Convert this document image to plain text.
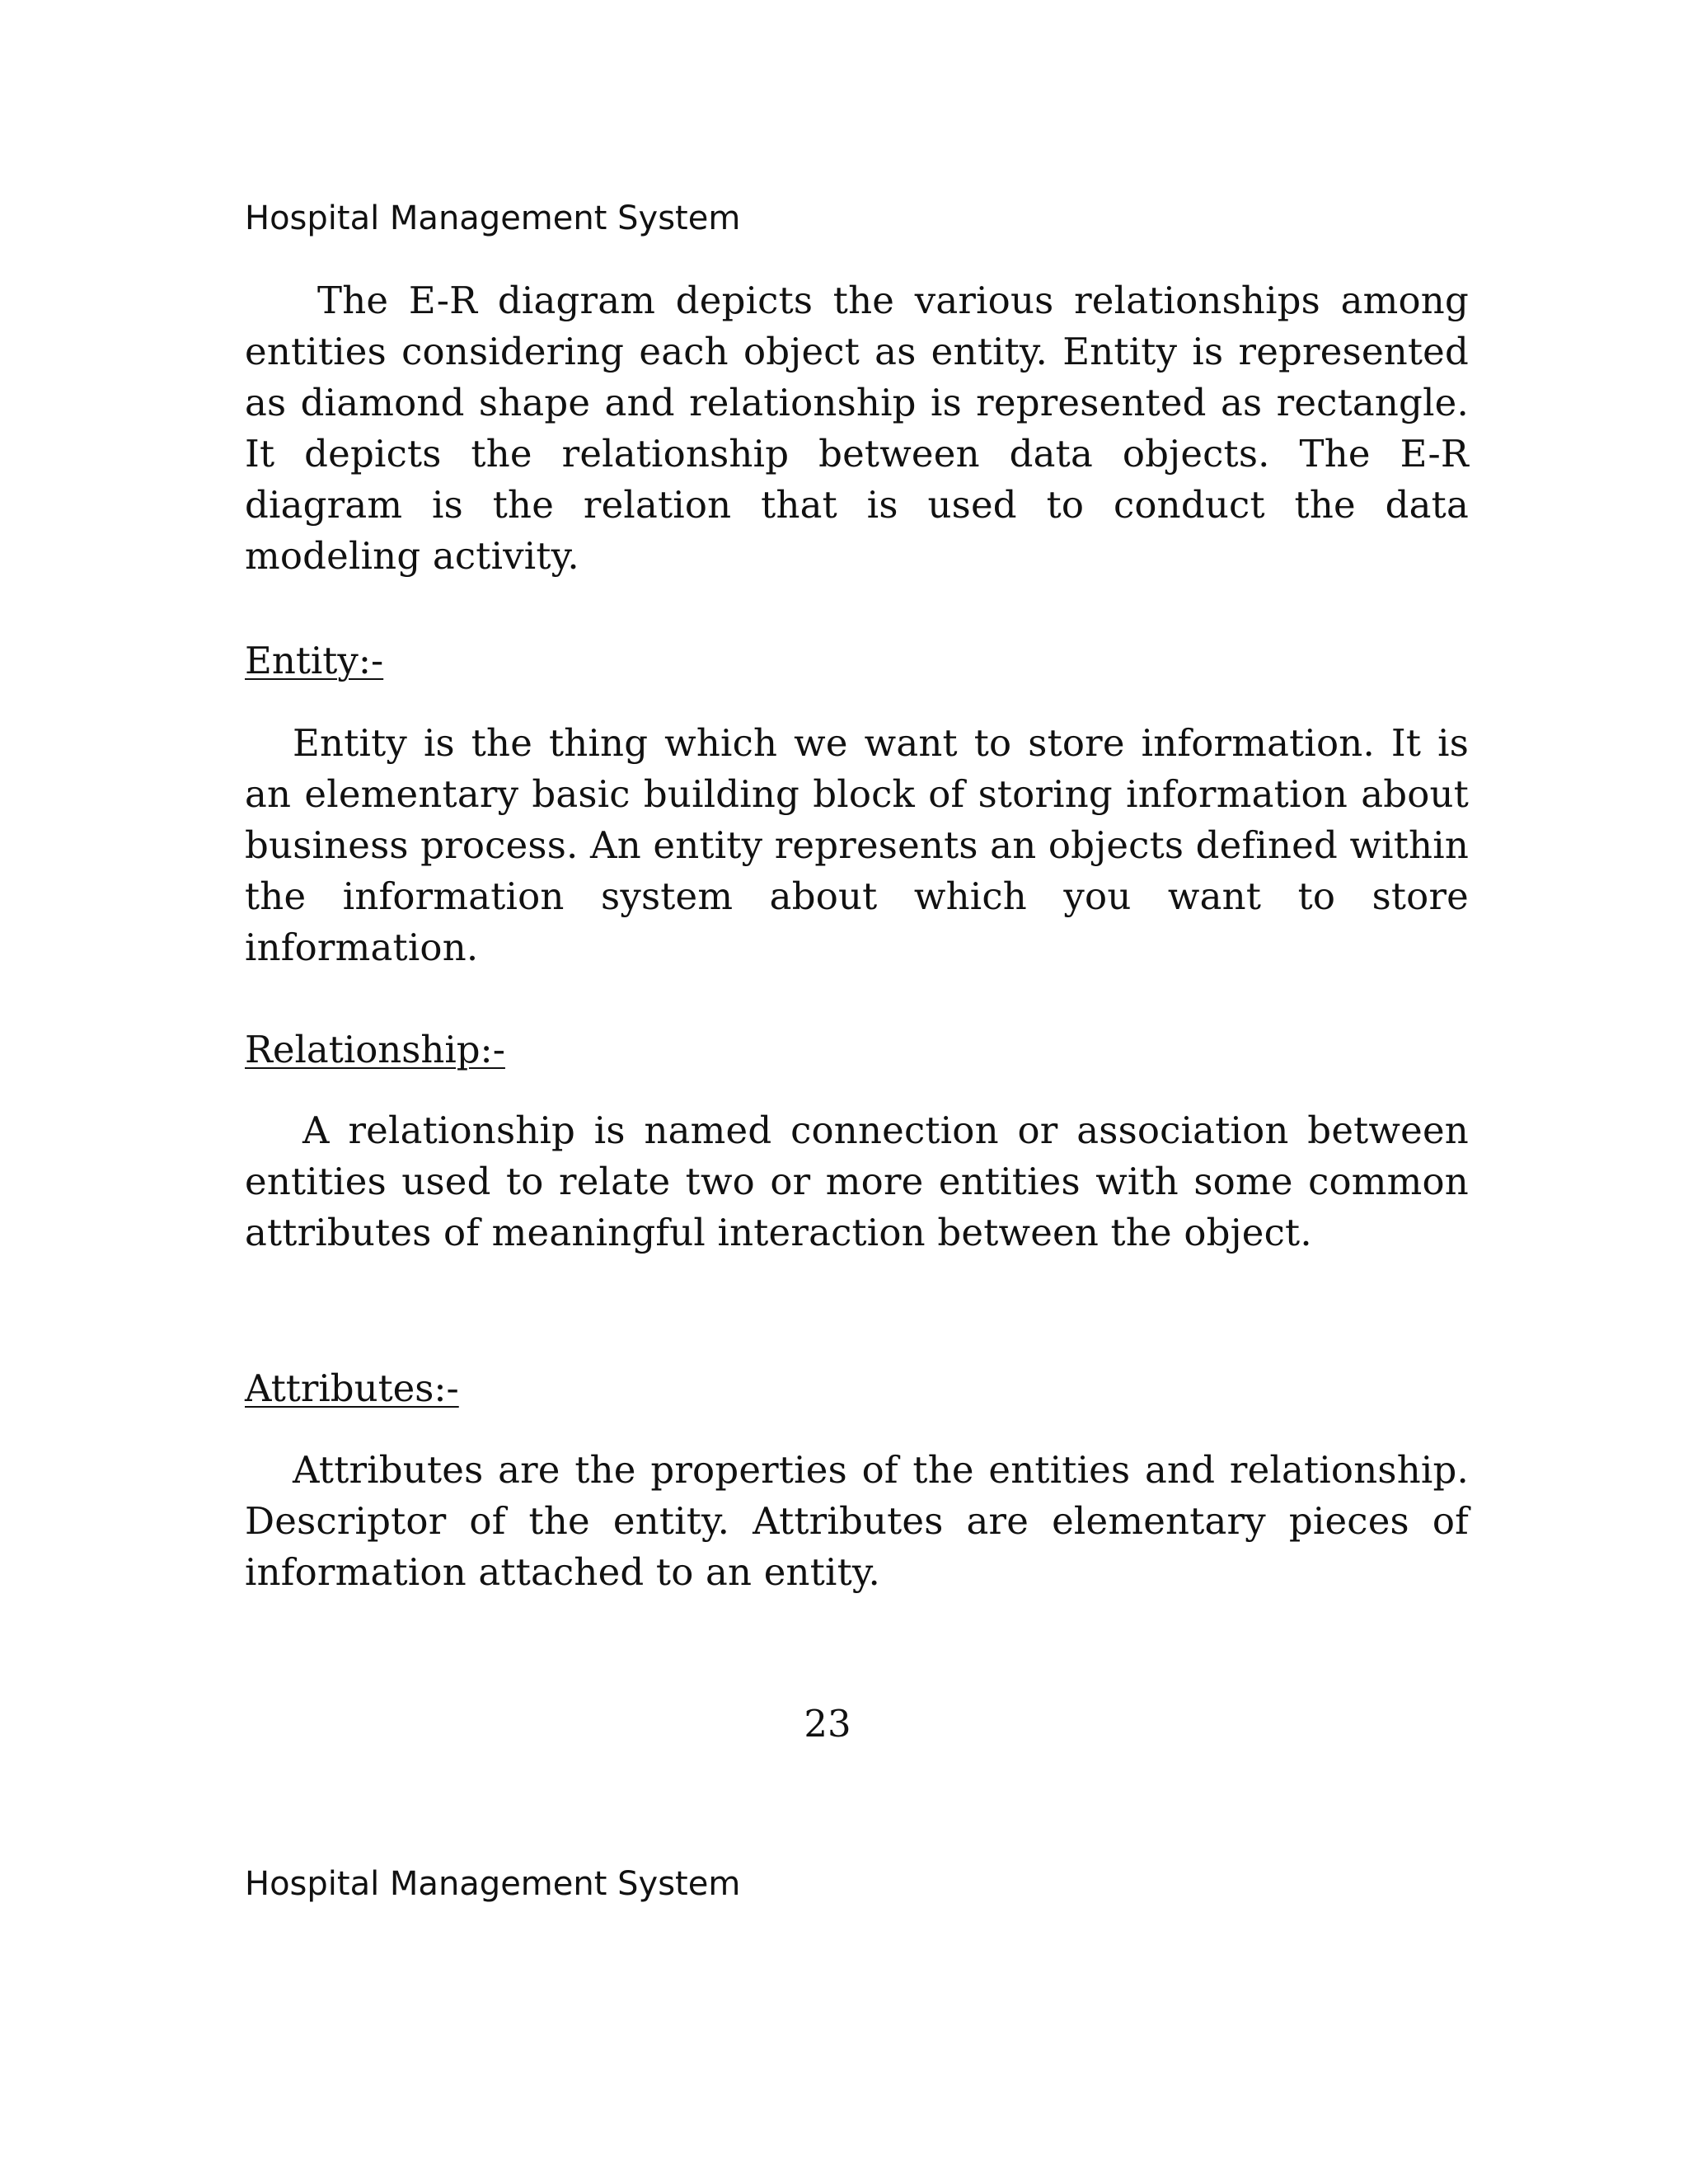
Hospital Management System

The E-R diagram depicts the various relationships among entities considering each object as entity. Entity is represented as diamond shape and relationship is represented as rectangle. It depicts the relationship between data objects. The E-R diagram is the relation that is used to conduct the data modeling activity.

Entity:-

Entity is the thing which we want to store information. It is an elementary basic building block of storing information about business process. An entity represents an objects defined within the information system about which you want to store information.

Relationship:-

A relationship is named connection or association between entities used to relate two or more entities with some common attributes of meaningful interaction between the object.

Attributes:-

Attributes are the properties of the entities and relationship. Descriptor of the entity. Attributes are elementary pieces of information attached to an entity.

23
Hospital Management System
